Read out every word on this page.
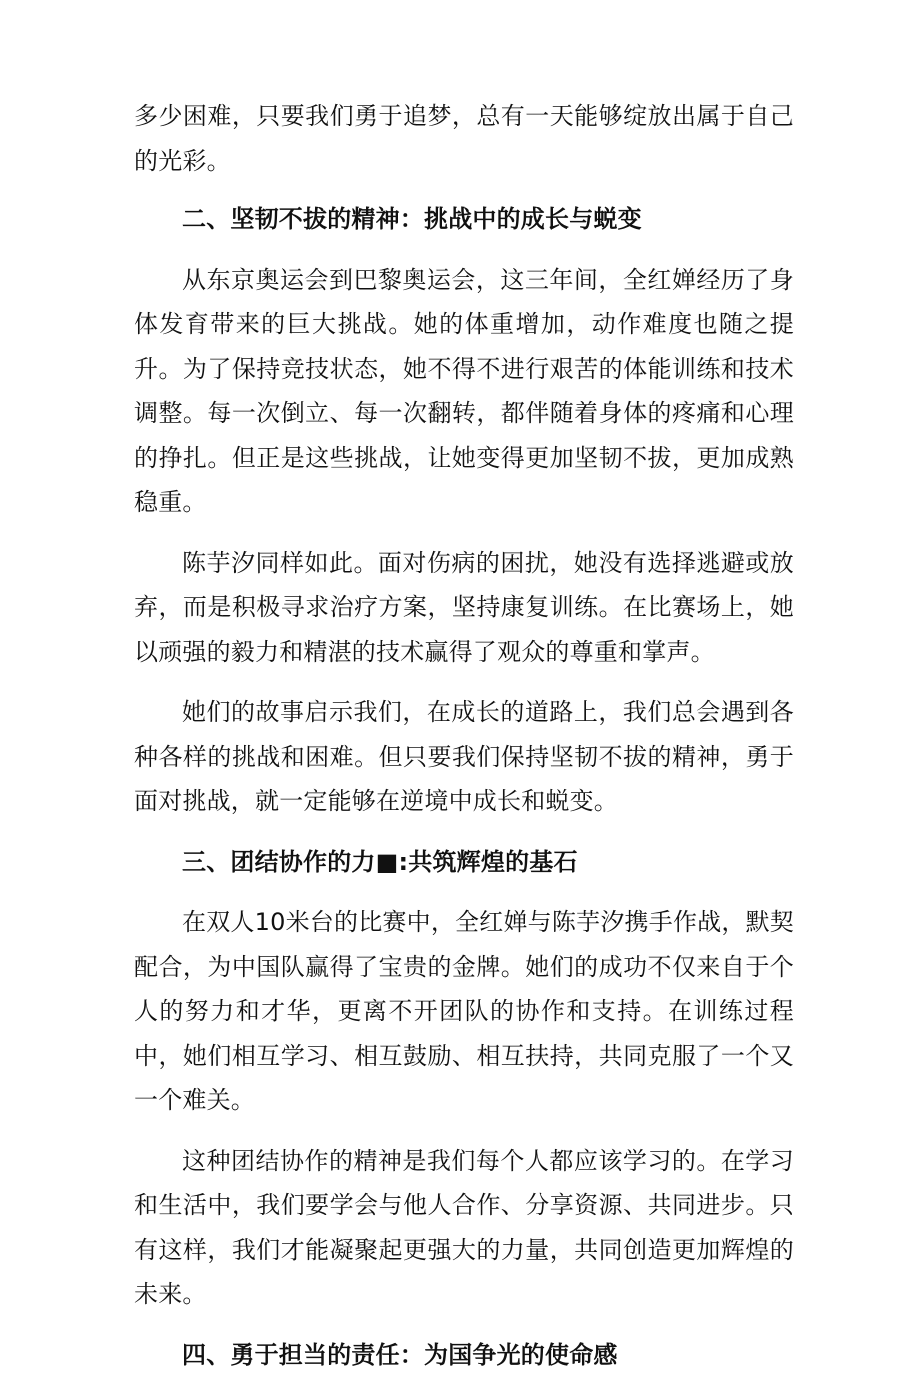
多少困难，只要我们勇于追梦，总有一天能够绽放出属于自己的光彩。

二、坚韧不拔的精神：挑战中的成长与蜕变

从东京奥运会到巴黎奥运会，这三年间，全红婵经历了身体发育带来的巨大挑战。她的体重增加，动作难度也随之提升。为了保持竞技状态，她不得不进行艰苦的体能训练和技术调整。每一次倒立、每一次翻转，都伴随着身体的疼痛和心理的挣扎。但正是这些挑战，让她变得更加坚韧不拔，更加成熟稳重。

陈芋汐同样如此。面对伤病的困扰，她没有选择逃避或放弃，而是积极寻求治疗方案，坚持康复训练。在比赛场上，她以顽强的毅力和精湛的技术赢得了观众的尊重和掌声。

她们的故事启示我们，在成长的道路上，我们总会遇到各种各样的挑战和困难。但只要我们保持坚韧不拔的精神，勇于面对挑战，就一定能够在逆境中成长和蜕变。

三、团结协作的力■:共筑辉煌的基石

在双人10米台的比赛中，全红婵与陈芋汐携手作战，默契配合，为中国队赢得了宝贵的金牌。她们的成功不仅来自于个人的努力和才华，更离不开团队的协作和支持。在训练过程中，她们相互学习、相互鼓励、相互扶持，共同克服了一个又一个难关。

这种团结协作的精神是我们每个人都应该学习的。在学习和生活中，我们要学会与他人合作、分享资源、共同进步。只有这样，我们才能凝聚起更强大的力量，共同创造更加辉煌的未来。

四、勇于担当的责任：为国争光的使命感
